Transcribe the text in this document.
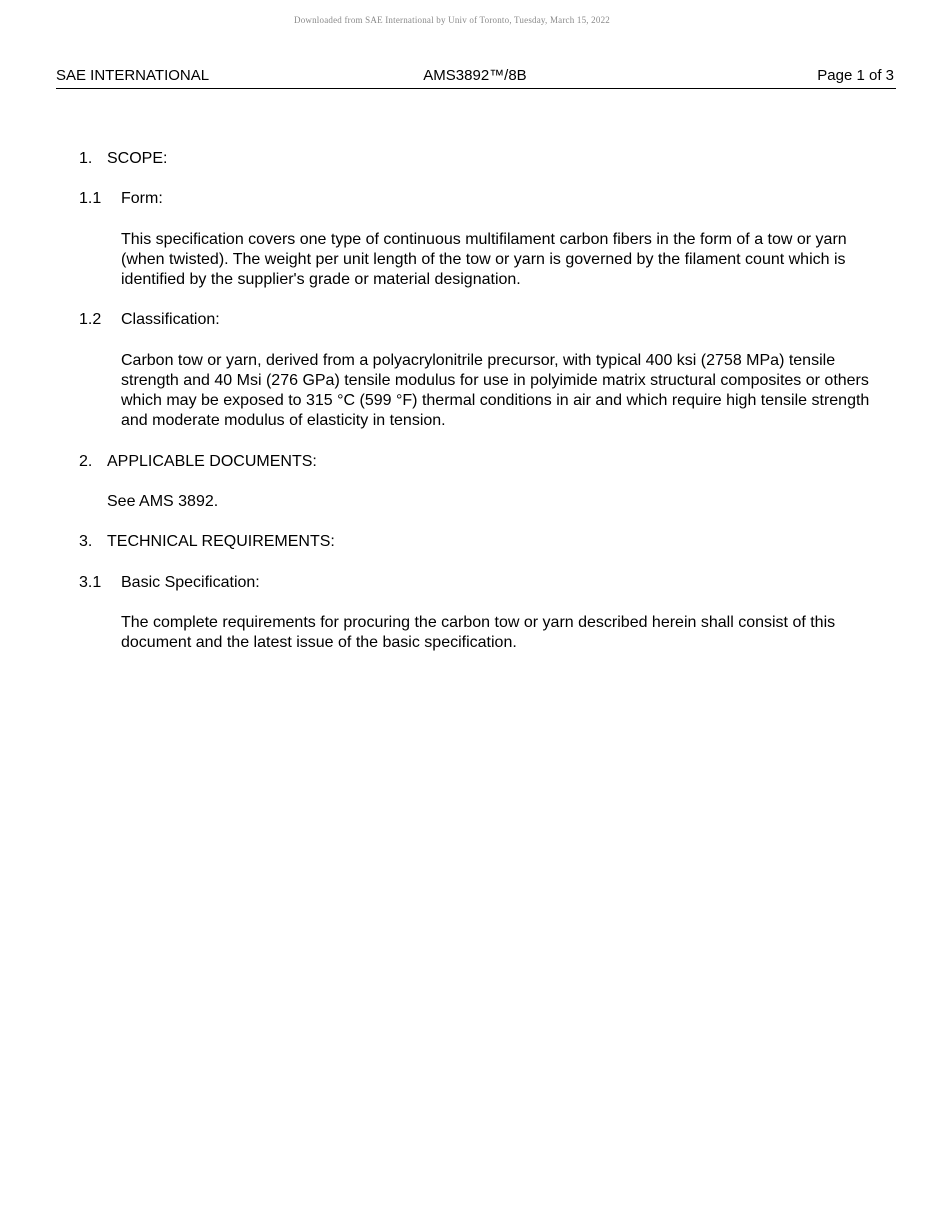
Downloaded from SAE International by Univ of Toronto, Tuesday, March 15, 2022
SAE INTERNATIONAL	AMS3892™/8B	Page 1 of 3
1. SCOPE:
1.1	Form:

This specification covers one type of continuous multifilament carbon fibers in the form of a tow or yarn (when twisted). The weight per unit length of the tow or yarn is governed by the filament count which is identified by the supplier's grade or material designation.

1.2	Classification:

Carbon tow or yarn, derived from a polyacrylonitrile precursor, with typical 400 ksi (2758 MPa) tensile strength and 40 Msi (276 GPa) tensile modulus for use in polyimide matrix structural composites or others which may be exposed to 315 °C (599 °F) thermal conditions in air and which require high tensile strength and moderate modulus of elasticity in tension.

2. APPLICABLE DOCUMENTS:

See AMS 3892.

3. TECHNICAL REQUIREMENTS:
3.1	Basic Specification:

The complete requirements for procuring the carbon tow or yarn described herein shall consist of this document and the latest issue of the basic specification.
